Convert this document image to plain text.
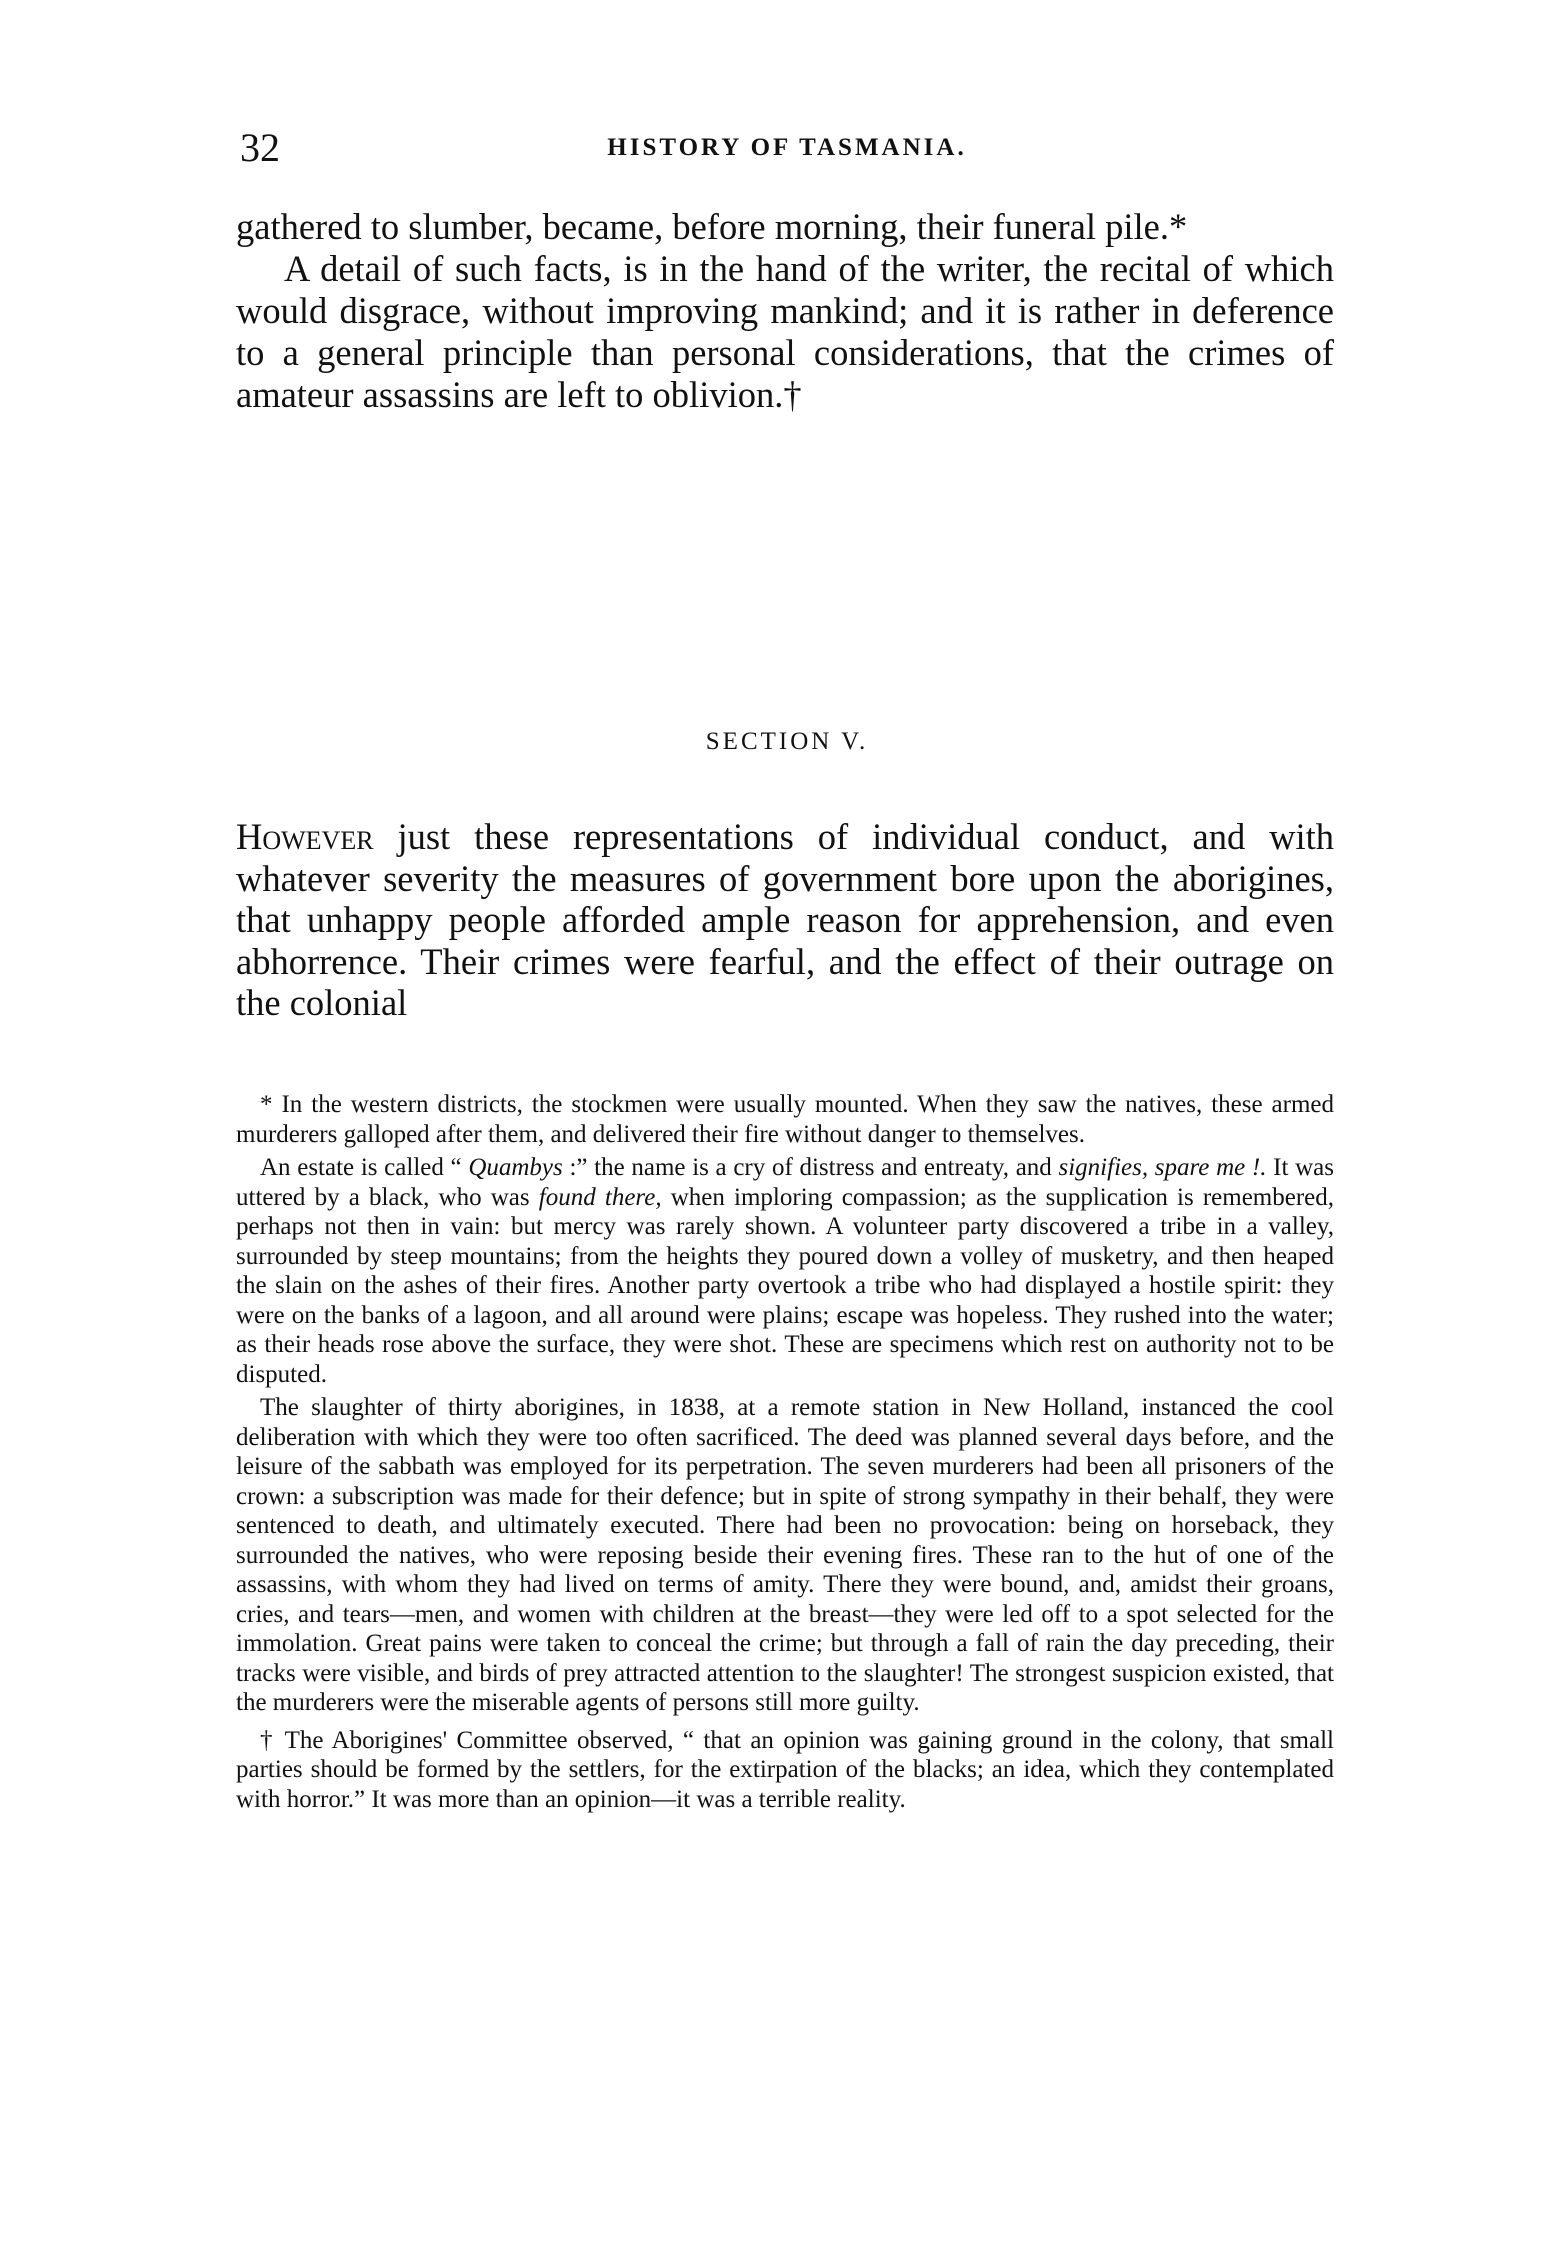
32	HISTORY OF TASMANIA.

gathered to slumber, became, before morning, their funeral pile.*

A detail of such facts, is in the hand of the writer, the recital of which would disgrace, without improving mankind; and it is rather in deference to a general principle than personal considerations, that the crimes of amateur assassins are left to oblivion.†

SECTION V.

However just these representations of individual conduct, and with whatever severity the measures of government bore upon the aborigines, that unhappy people afforded ample reason for apprehension, and even abhorrence. Their crimes were fearful, and the effect of their outrage on the colonial

* In the western districts, the stockmen were usually mounted. When they saw the natives, these armed murderers galloped after them, and delivered their fire without danger to themselves.

An estate is called “ Quambys :” the name is a cry of distress and entreaty, and signifies, spare me !. It was uttered by a black, who was found there, when imploring compassion; as the supplication is remembered, perhaps not then in vain: but mercy was rarely shown. A volunteer party discovered a tribe in a valley, surrounded by steep mountains; from the heights they poured down a volley of musketry, and then heaped the slain on the ashes of their fires. Another party overtook a tribe who had displayed a hostile spirit: they were on the banks of a lagoon, and all around were plains; escape was hopeless. They rushed into the water; as their heads rose above the surface, they were shot. These are specimens which rest on authority not to be disputed.

The slaughter of thirty aborigines, in 1838, at a remote station in New Holland, instanced the cool deliberation with which they were too often sacrificed. The deed was planned several days before, and the leisure of the sabbath was employed for its perpetration. The seven murderers had been all prisoners of the crown: a subscription was made for their defence; but in spite of strong sympathy in their behalf, they were sentenced to death, and ultimately executed. There had been no provocation: being on horseback, they surrounded the natives, who were reposing beside their evening fires. These ran to the hut of one of the assassins, with whom they had lived on terms of amity. There they were bound, and, amidst their groans, cries, and tears—men, and women with children at the breast—they were led off to a spot selected for the immolation. Great pains were taken to conceal the crime; but through a fall of rain the day preceding, their tracks were visible, and birds of prey attracted attention to the slaughter! The strongest suspicion existed, that the murderers were the miserable agents of persons still more guilty.

† The Aborigines' Committee observed, “ that an opinion was gaining ground in the colony, that small parties should be formed by the settlers, for the extirpation of the blacks; an idea, which they contemplated with horror.” It was more than an opinion—it was a terrible reality.
